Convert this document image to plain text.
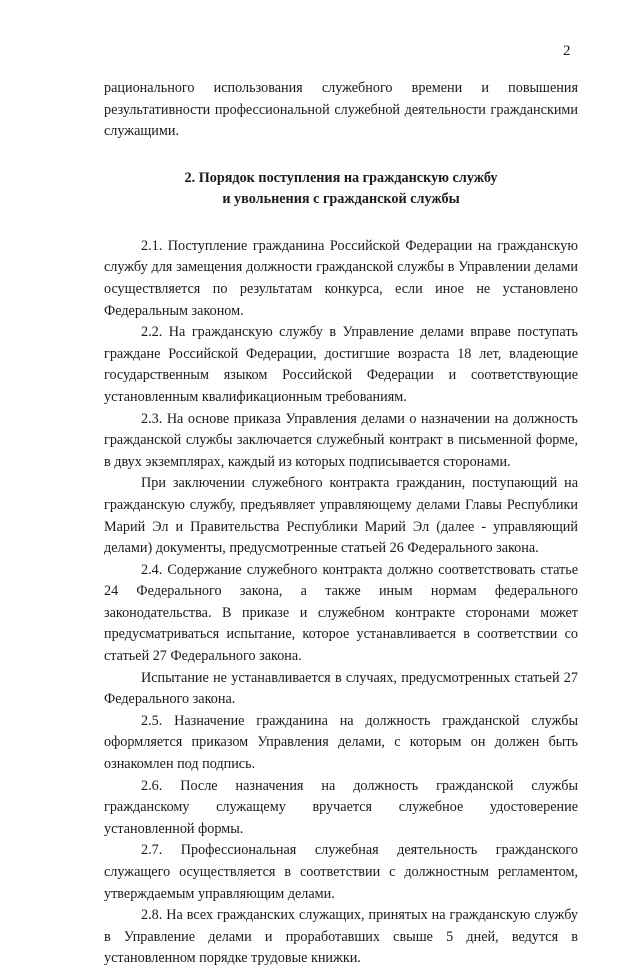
2

рационального использования служебного времени и повышения результативности профессиональной служебной деятельности гражданскими служащими.

2. Порядок поступления на гражданскую службу
и увольнения с гражданской службы

2.1. Поступление гражданина Российской Федерации на гражданскую службу для замещения должности гражданской службы в Управлении делами осуществляется по результатам конкурса, если иное не установлено Федеральным законом.

2.2. На гражданскую службу в Управление делами вправе поступать граждане Российской Федерации, достигшие возраста 18 лет, владеющие государственным языком Российской Федерации и соответствующие установленным квалификационным требованиям.

2.3. На основе приказа Управления делами о назначении на должность гражданской службы заключается служебный контракт в письменной форме, в двух экземплярах, каждый из которых подписывается сторонами.

При заключении служебного контракта гражданин, поступающий на гражданскую службу, предъявляет управляющему делами Главы Республики Марий Эл и Правительства Республики Марий Эл (далее - управляющий делами) документы, предусмотренные статьей 26 Федерального закона.

2.4. Содержание служебного контракта должно соответствовать статье 24 Федерального закона, а также иным нормам федерального законодательства. В приказе и служебном контракте сторонами может предусматриваться испытание, которое устанавливается в соответствии со статьей 27 Федерального закона.

Испытание не устанавливается в случаях, предусмотренных статьей 27 Федерального закона.

2.5. Назначение гражданина на должность гражданской службы оформляется приказом Управления делами, с которым он должен быть ознакомлен под подпись.

2.6. После назначения на должность гражданской службы гражданскому служащему вручается служебное удостоверение установленной формы.

2.7. Профессиональная служебная деятельность гражданского служащего осуществляется в соответствии с должностным регламентом, утверждаемым управляющим делами.

2.8. На всех гражданских служащих, принятых на гражданскую службу в Управление делами и проработавших свыше 5 дней, ведутся в установленном порядке трудовые книжки.
